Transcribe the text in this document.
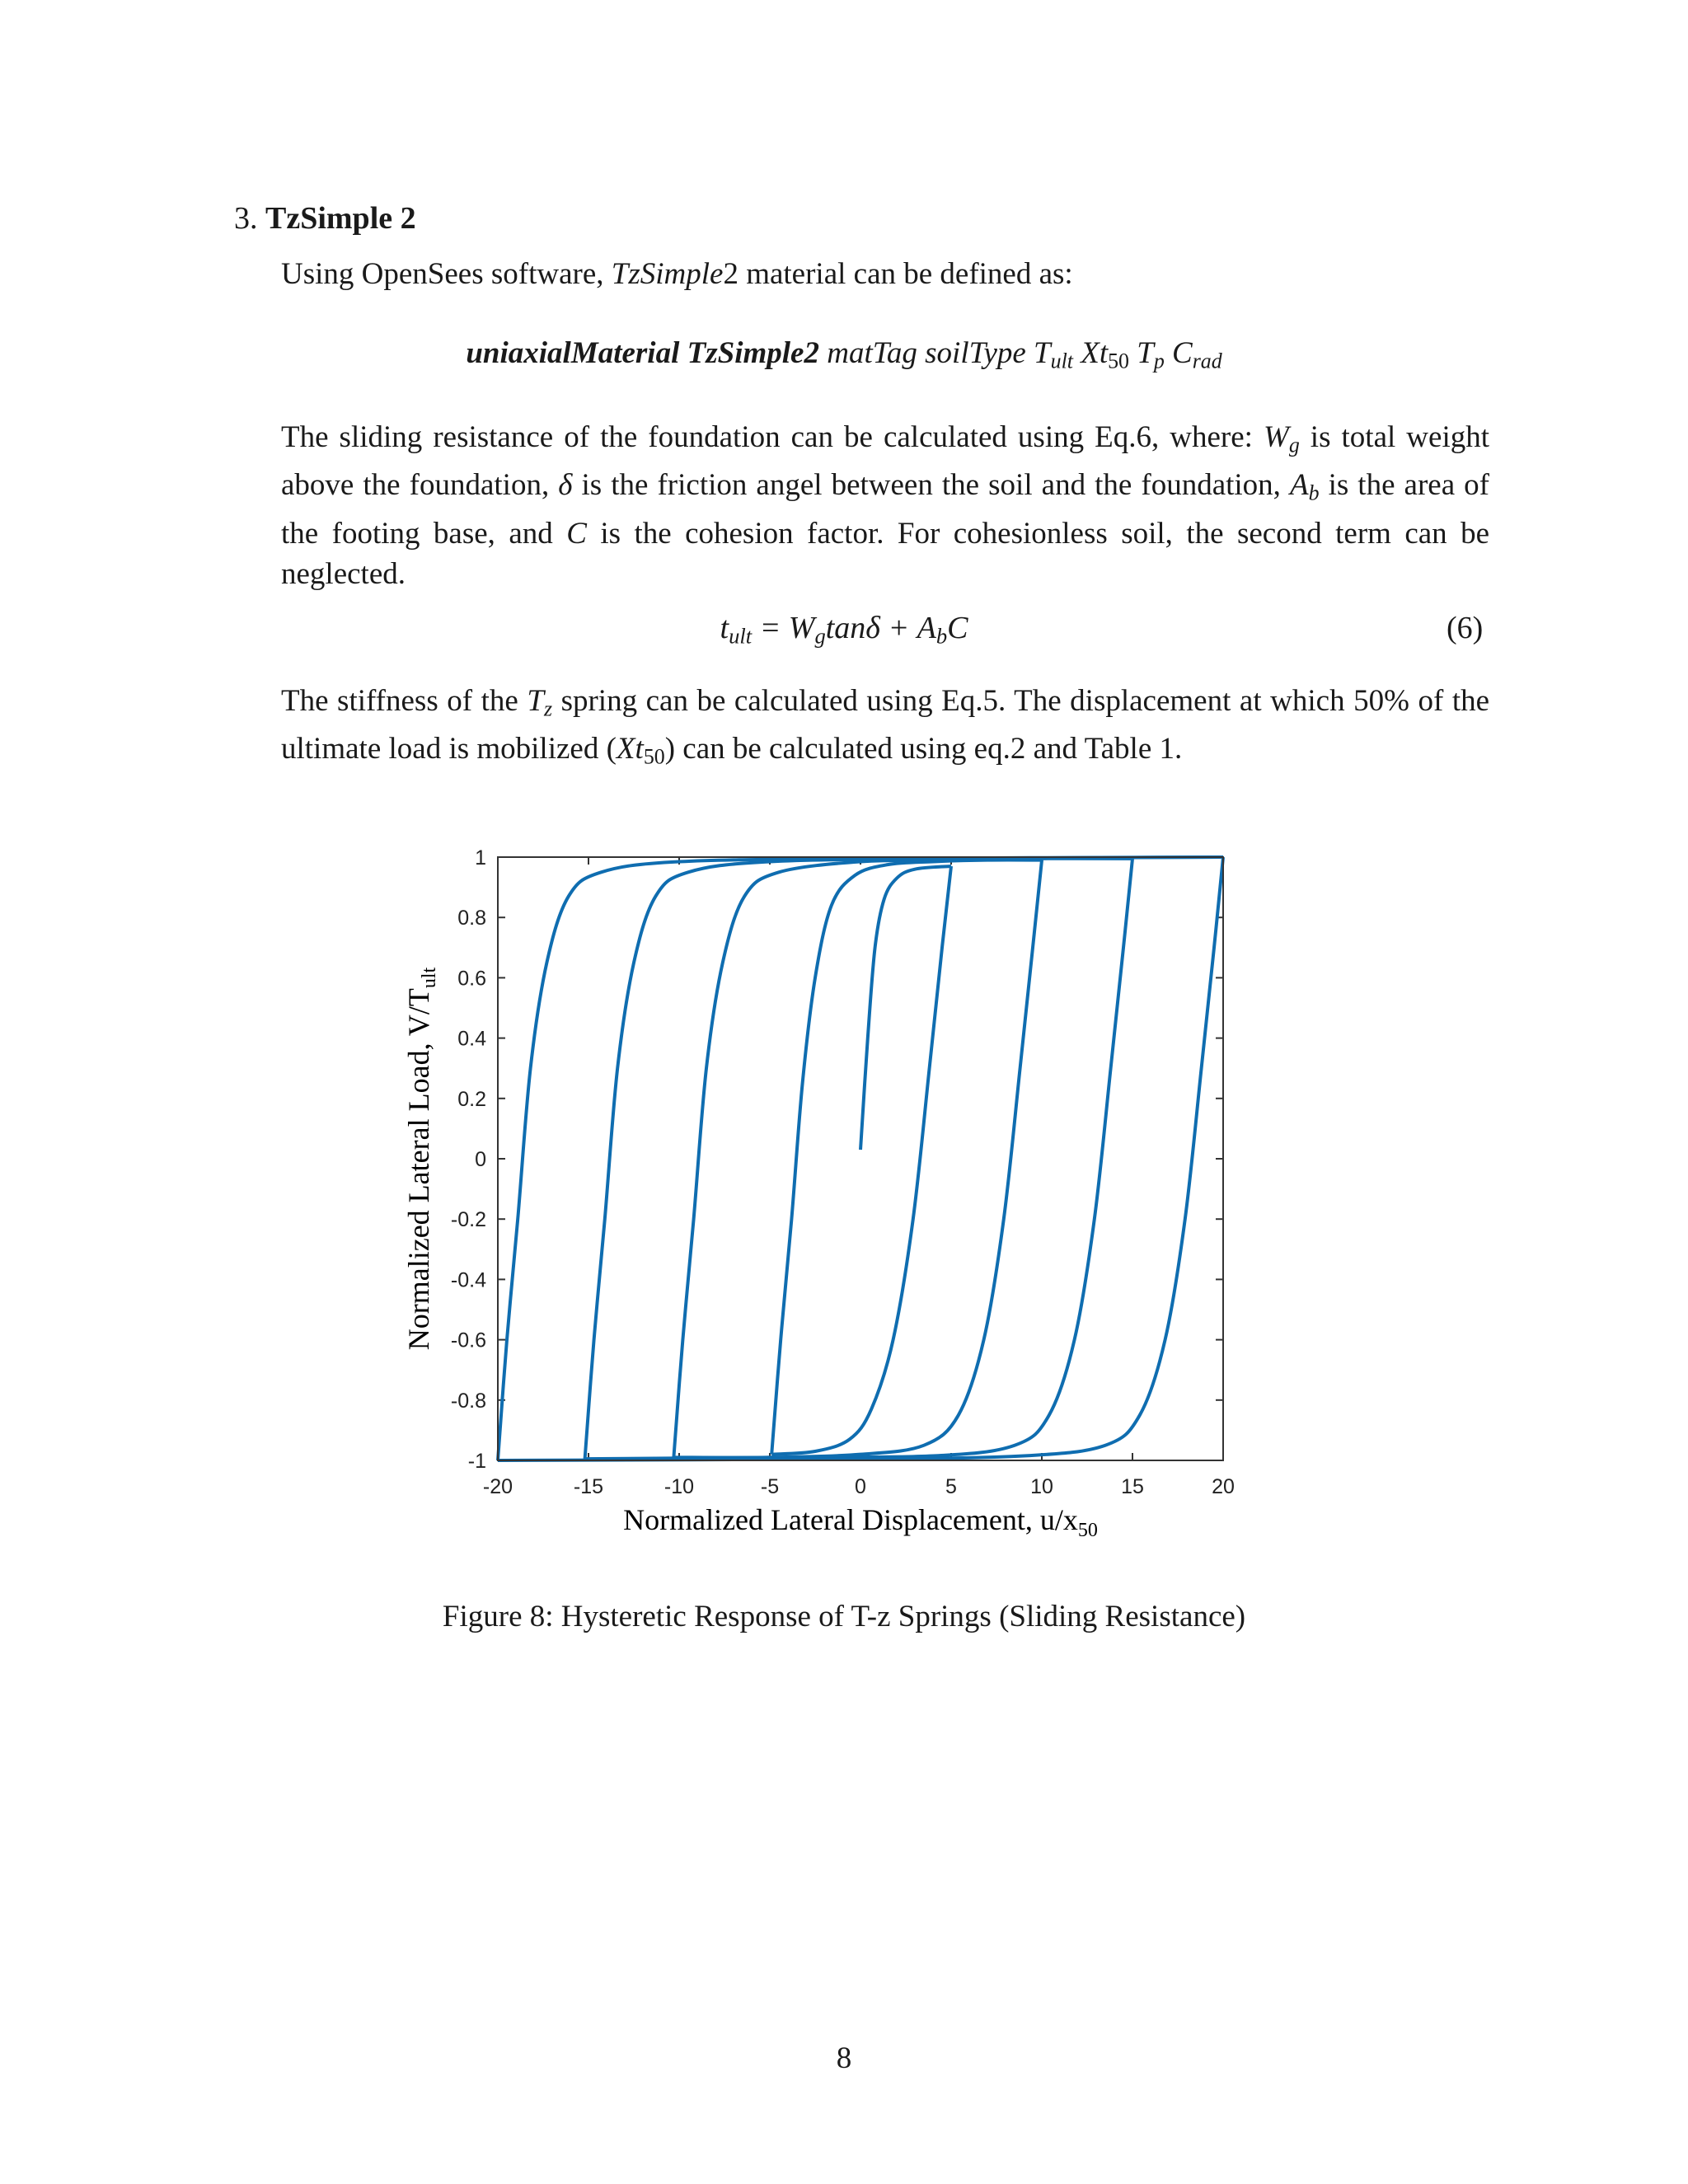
3. TzSimple 2
Using OpenSees software, TzSimple2 material can be defined as:
uniaxialMaterial TzSimple2 matTag soilType $T_{ult}$ $Xt_{50}$ $T_p$ $C_{rad}$
The sliding resistance of the foundation can be calculated using Eq.6, where: $W_g$ is total weight above the foundation, δ is the friction angel between the soil and the foundation, $A_b$ is the area of the footing base, and C is the cohesion factor. For cohesionless soil, the second term can be neglected.
$t_{ult} = W_g\tan\delta + A_bC$	(6)
The stiffness of the $T_z$ spring can be calculated using Eq.5. The displacement at which 50% of the ultimate load is mobilized $(Xt_{50})$ can be calculated using eq.2 and Table 1.
-20	-15	-10	-5	0	5	10	15	20
1
0.8
0.6
0.4
0.2
0
-0.2
-0.4
-0.6
-0.8
-1
Normalized Lateral Displacement, $u/x_{50}$
Normalized Lateral Load, $V/T_{ult}$
Figure 8: Hysteretic Response of T-z Springs (Sliding Resistance)
8
